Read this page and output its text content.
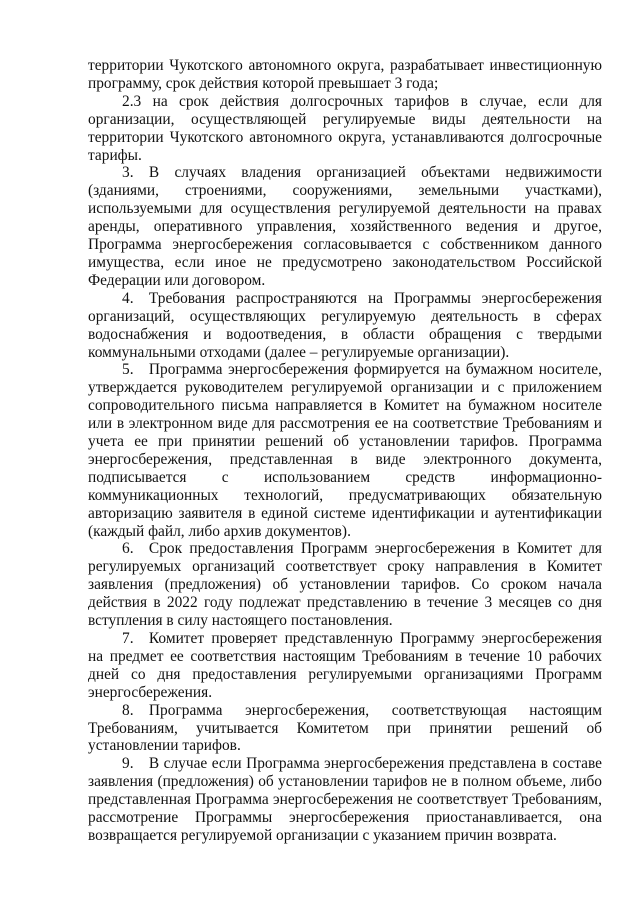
территории Чукотского автономного округа, разрабатывает инвестиционную программу, срок действия которой превышает 3 года;

2.3 на срок действия долгосрочных тарифов в случае, если для организации, осуществляющей регулируемые виды деятельности на территории Чукотского автономного округа, устанавливаются долгосрочные тарифы.

3. В случаях владения организацией объектами недвижимости (зданиями, строениями, сооружениями, земельными участками), используемыми для осуществления регулируемой деятельности на правах аренды, оперативного управления, хозяйственного ведения и другое, Программа энергосбережения согласовывается с собственником данного имущества, если иное не предусмотрено законодательством Российской Федерации или договором.

4. Требования распространяются на Программы энергосбережения организаций, осуществляющих регулируемую деятельность в сферах водоснабжения и водоотведения, в области обращения с твердыми коммунальными отходами (далее – регулируемые организации).

5. Программа энергосбережения формируется на бумажном носителе, утверждается руководителем регулируемой организации и с приложением сопроводительного письма направляется в Комитет на бумажном носителе или в электронном виде для рассмотрения ее на соответствие Требованиям и учета ее при принятии решений об установлении тарифов. Программа энергосбережения, представленная в виде электронного документа, подписывается с использованием средств информационно-коммуникационных технологий, предусматривающих обязательную авторизацию заявителя в единой системе идентификации и аутентификации (каждый файл, либо архив документов).

6. Срок предоставления Программ энергосбережения в Комитет для регулируемых организаций соответствует сроку направления в Комитет заявления (предложения) об установлении тарифов. Со сроком начала действия в 2022 году подлежат представлению в течение 3 месяцев со дня вступления в силу настоящего постановления.

7. Комитет проверяет представленную Программу энергосбережения на предмет ее соответствия настоящим Требованиям в течение 10 рабочих дней со дня предоставления регулируемыми организациями Программ энергосбережения.

8. Программа энергосбережения, соответствующая настоящим Требованиям, учитывается Комитетом при принятии решений об установлении тарифов.

9. В случае если Программа энергосбережения представлена в составе заявления (предложения) об установлении тарифов не в полном объеме, либо представленная Программа энергосбережения не соответствует Требованиям, рассмотрение Программы энергосбережения приостанавливается, она возвращается регулируемой организации с указанием причин возврата.
